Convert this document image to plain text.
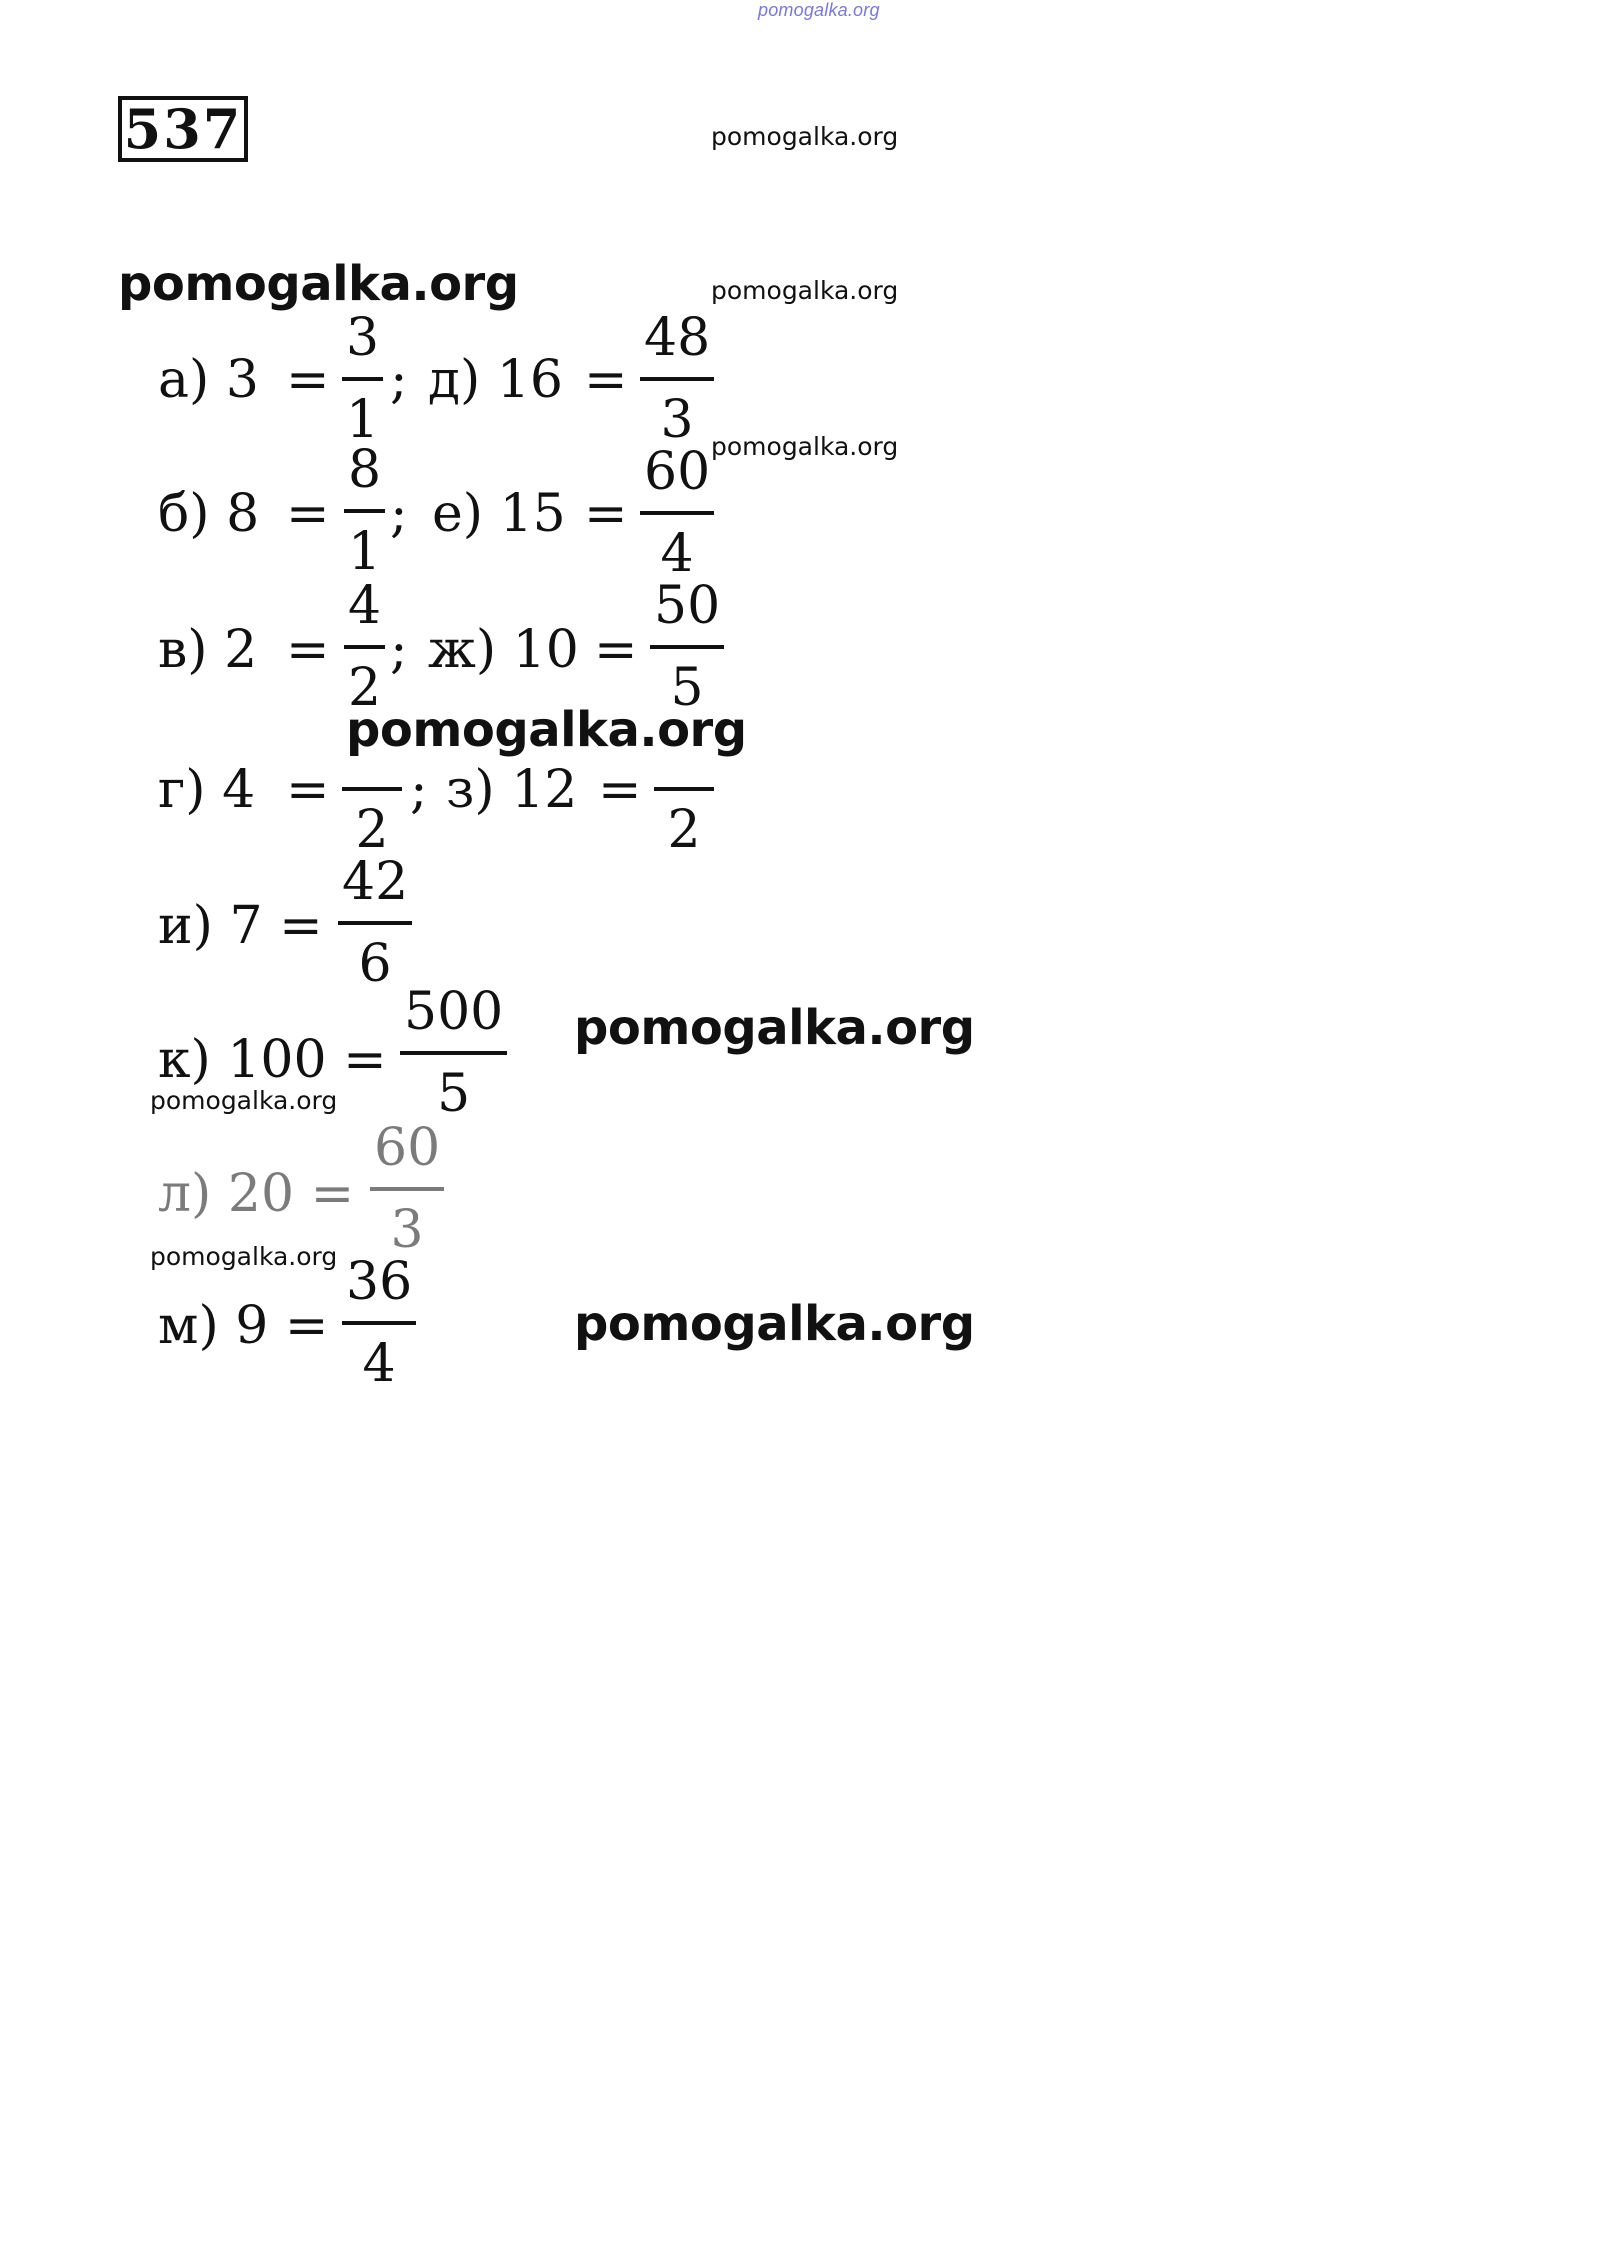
pomogalka.org
537	pomogalka.org
pomogalka.org
pomogalka.org
pomogalka.org
pomogalka.org
pomogalka.org
pomogalka.org
pomogalka.org
pomogalka.org
а) 3 =
3
1
; д) 16 =
48
3
б) 8 =
8
1
; е) 15 =
60
4
в) 2 =
4
2
; ж) 10 =
50
5
г) 4 =
2
; з) 12 =
2
и) 7 =
42
6
к) 100 =
500
5
л) 20 =
60
3
м) 9 =
36
4
